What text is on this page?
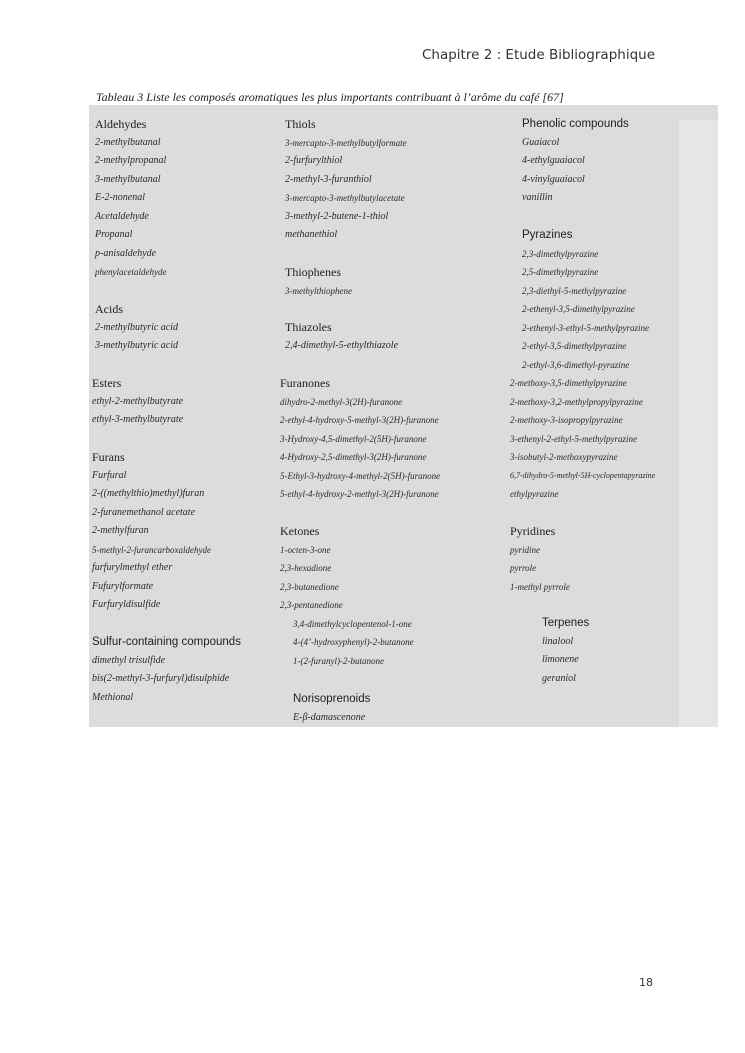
Chapitre 2 : Etude Bibliographique
Tableau 3 Liste les composés aromatiques les plus importants contribuant à l’arôme du café [67]
Aldehydes
2-methylbutanal
2-methylpropanal
3-methylbutanal
E-2-nonenal
Acetaldehyde
Propanal
p-anisaldehyde
phenylacetaldehyde
Acids
2-methylbutyric acid
3-methylbutyric acid
Esters
ethyl-2-methylbutyrate
ethyl-3-methylbutyrate
Furans
Furfural
2-((methylthio)methyl)furan
2-furanemethanol acetate
2-methylfuran
5-methyl-2-furancarboxaldehyde
furfurylmethyl ether
Fufurylformate
Furfuryldisulfide
Sulfur-containing compounds
dimethyl trisulfide
bis(2-methyl-3-furfuryl)disulphide
Methional
Thiols
3-mercapto-3-methylbutylformate
2-furfurylthiol
2-methyl-3-furanthiol
3-mercapto-3-methylbutylacetate
3-methyl-2-butene-1-thiol
methanethiol
Thiophenes
3-methylthiophene
Thiazoles
2,4-dimethyl-5-ethylthiazole
Furanones
dihydro-2-methyl-3(2H)-furanone
2-ethyl-4-hydroxy-5-methyl-3(2H)-furanone
3-Hydroxy-4,5-dimethyl-2(5H)-furanone
4-Hydroxy-2,5-dimethyl-3(2H)-furanone
5-Ethyl-3-hydroxy-4-methyl-2(5H)-furanone
5-ethyl-4-hydroxy-2-methyl-3(2H)-furanone
Ketones
1-octen-3-one
2,3-hexadione
2,3-butanedione
2,3-pentanedione
3,4-dimethylcyclopentenol-1-one
4-(4’-hydroxyphenyl)-2-butanone
1-(2-furanyl)-2-butanone
Norisoprenoids
E-β-damascenone
Phenolic compounds
Guaiacol
4-ethylguaiacol
4-vinylguaiacol
vanillin
Pyrazines
2,3-dimethylpyrazine
2,5-dimethylpyrazine
2,3-diethyl-5-methylpyrazine
2-ethenyl-3,5-dimethylpyrazine
2-ethenyl-3-ethyl-5-methylpyrazine
2-ethyl-3,5-dimethylpyrazine
2-ethyl-3,6-dimethyl-pyrazine
2-methoxy-3,5-dimethylpyrazine
2-methoxy-3,2-methylpropylpyrazine
2-methoxy-3-isopropylpyrazine
3-ethenyl-2-ethyl-5-methylpyrazine
3-isobutyl-2-methoxypyrazine
6,7-dihydro-5-methyl-5H-cyclopentapyrazine
ethylpyrazine
Pyridines
pyridine
pyrrole
1-methyl pyrrole
Terpenes
linalool
limonene
geraniol
18
